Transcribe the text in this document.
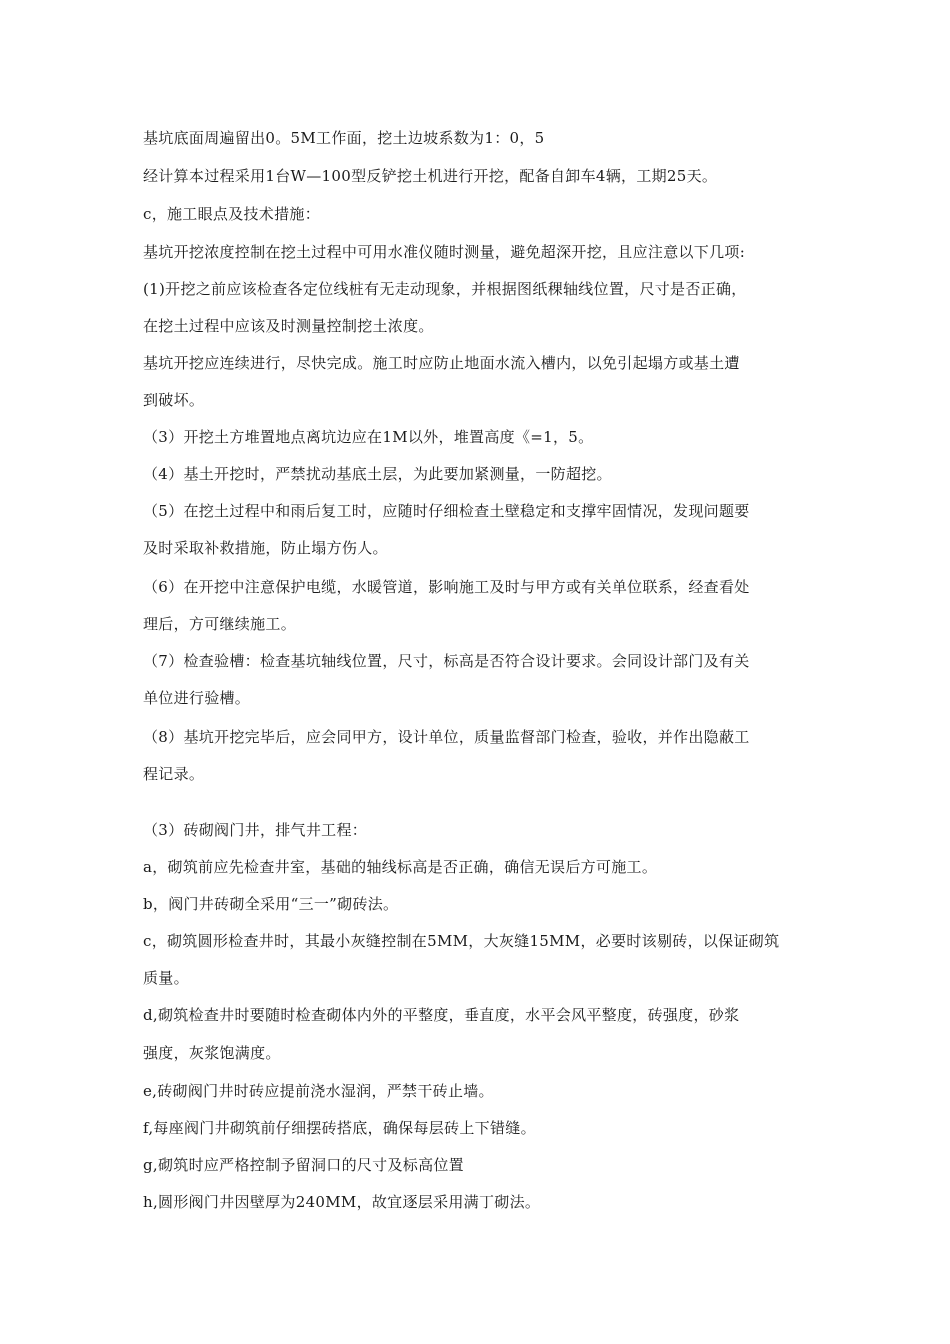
基坑底面周遍留出0。5M工作面，挖土边坡系数为1：0，5
经计算本过程采用1台W—100型反铲挖土机进行开挖，配备自卸车4辆，工期25天。
c，施工眼点及技术措施：
基坑开挖浓度控制在挖土过程中可用水准仪随时测量，避免超深开挖，且应注意以下几项:
(1)开挖之前应该检查各定位线桩有无走动现象，并根据图纸稞轴线位置，尺寸是否正确，
在挖土过程中应该及时测量控制挖土浓度。
基坑开挖应连续进行，尽快完成。施工时应防止地面水流入槽内，以免引起塌方或基土遭
到破坏。
（3）开挖土方堆置地点离坑边应在1M以外，堆置高度《=1，5。
（4）基土开挖时，严禁扰动基底土层，为此要加紧测量，一防超挖。
（5）在挖土过程中和雨后复工时，应随时仔细检查土壁稳定和支撑牢固情况，发现问题要
及时采取补救措施，防止塌方伤人。
（6）在开挖中注意保护电缆，水暖管道，影响施工及时与甲方或有关单位联系，经查看处
理后，方可继续施工。
（7）检查验槽：检查基坑轴线位置，尺寸，标高是否符合设计要求。会同设计部门及有关
单位进行验槽。
（8）基坑开挖完毕后，应会同甲方，设计单位，质量监督部门检查，验收，并作出隐蔽工
程记录。
（3）砖砌阀门井，排气井工程：
a，砌筑前应先检查井室，基础的轴线标高是否正确，确信无误后方可施工。
b，阀门井砖砌全采用“三一”砌砖法。
c，砌筑圆形检查井时，其最小灰缝控制在5MM，大灰缝15MM，必要时该剔砖，以保证砌筑
质量。
d,砌筑检查井时要随时检查砌体内外的平整度，垂直度，水平会风平整度，砖强度，砂浆
强度，灰浆饱满度。
e,砖砌阀门井时砖应提前浇水湿润，严禁干砖止墙。
f,每座阀门井砌筑前仔细摆砖搭底，确保每层砖上下错缝。
g,砌筑时应严格控制予留洞口的尺寸及标高位置
h,圆形阀门井因壁厚为240MM，故宜逐层采用满丁砌法。
